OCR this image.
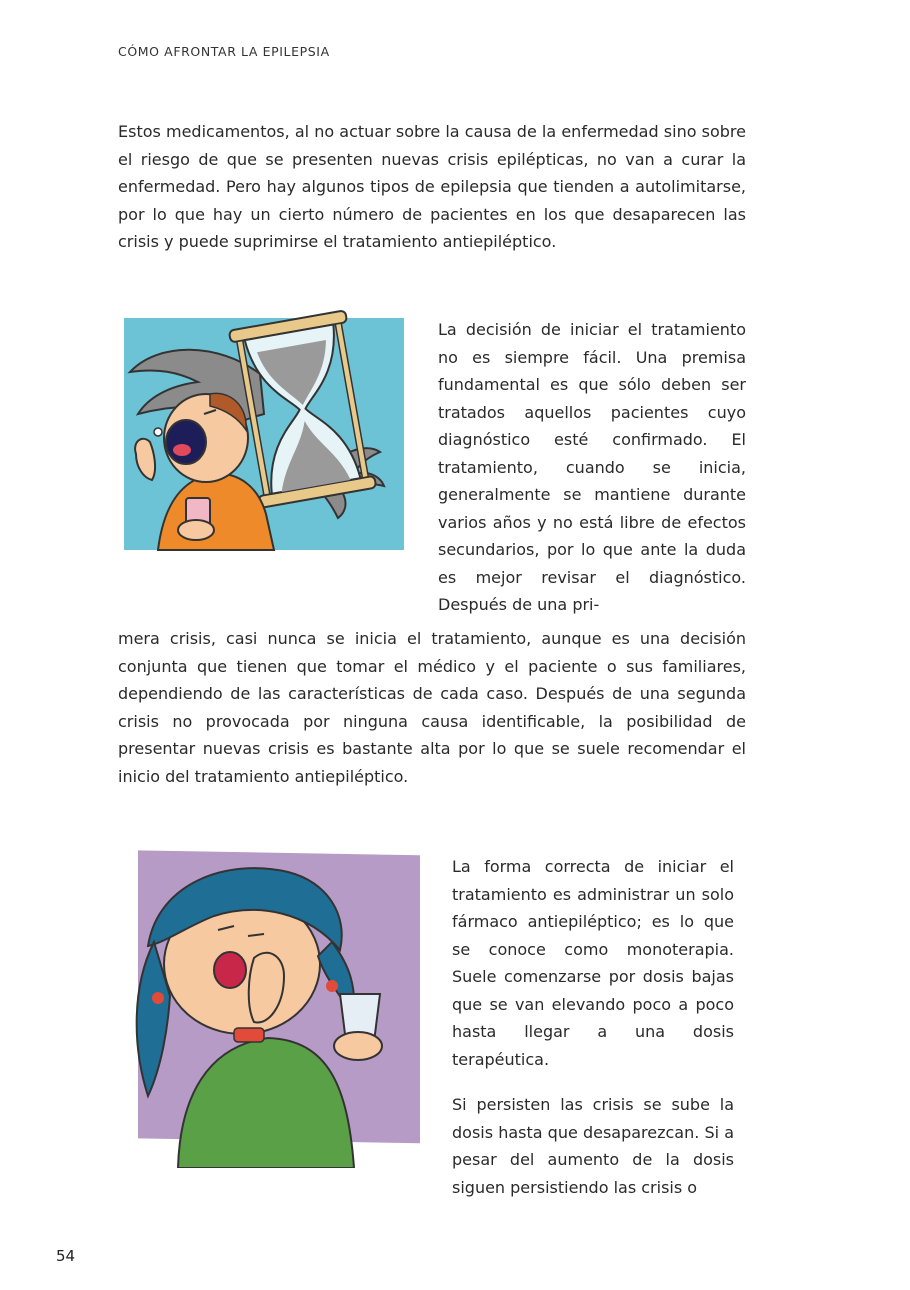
CÓMO AFRONTAR LA EPILEPSIA

Estos medicamentos, al no actuar sobre la causa de la enfermedad sino sobre el riesgo de que se presenten nuevas crisis epilépticas, no van a curar la enfermedad. Pero hay algunos tipos de epilepsia que tienden a autolimitarse, por lo que hay un cierto número de pacientes en los que desaparecen las crisis y puede suprimirse el tratamiento antiepiléptico.

La decisión de iniciar el tratamiento no es siempre fácil. Una premisa fundamental es que sólo deben ser tratados aquellos pacientes cuyo diagnóstico esté confirmado. El tratamiento, cuando se inicia, generalmente se mantiene durante varios años y no está libre de efectos secundarios, por lo que ante la duda es mejor revisar el diagnóstico. Después de una pri-

mera crisis, casi nunca se inicia el tratamiento, aunque es una decisión conjunta que tienen que tomar el médico y el paciente o sus familiares, dependiendo de las características de cada caso. Después de una segunda crisis no provocada por ninguna causa identificable, la posibilidad de presentar nuevas crisis es bastante alta por lo que se suele recomendar el inicio del tratamiento antiepiléptico.

La forma correcta de iniciar el tratamiento es administrar un solo fármaco antiepiléptico; es lo que se conoce como monoterapia. Suele comenzarse por dosis bajas que se van elevando poco a poco hasta llegar a una dosis terapéutica.

Si persisten las crisis se sube la dosis hasta que desaparezcan. Si a pesar del aumento de la dosis siguen persistiendo las crisis o

54
